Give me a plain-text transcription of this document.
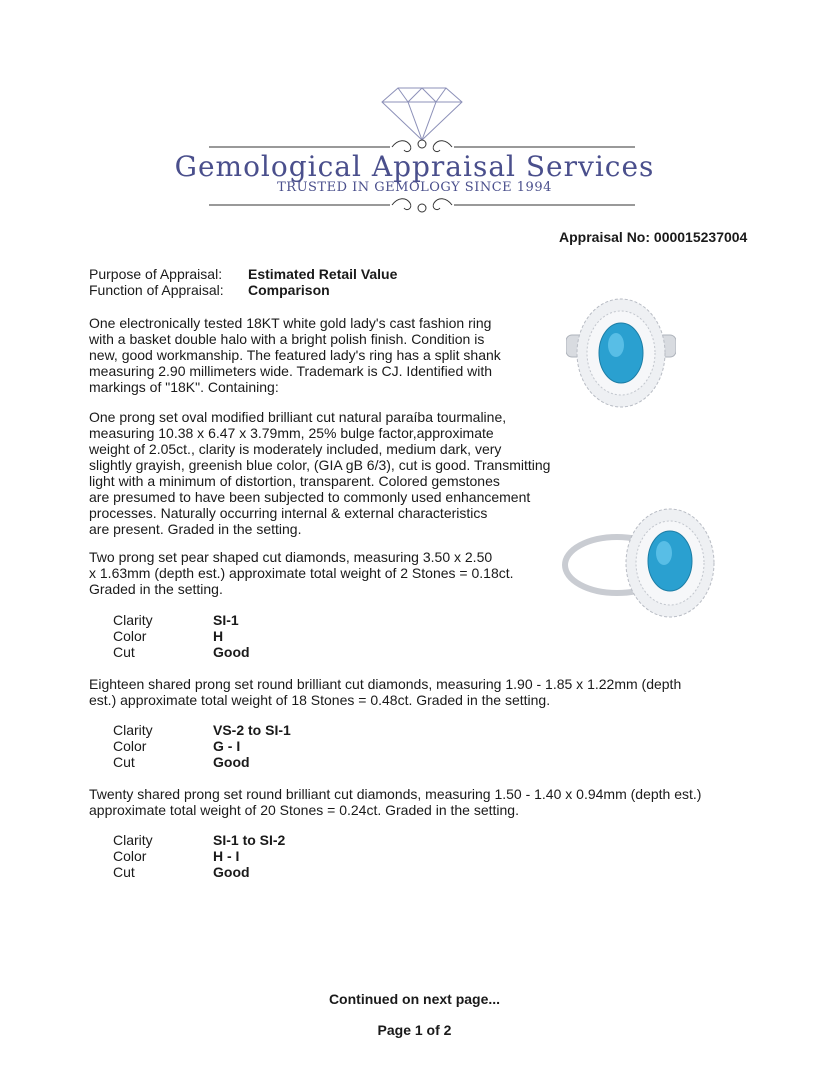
Gemological Appraisal Services
TRUSTED IN GEMOLOGY SINCE 1994
Appraisal No: 000015237004
Purpose of Appraisal: Estimated Retail Value
Function of Appraisal: Comparison
One electronically tested 18KT white gold lady's cast fashion ring
with a basket double halo with a bright polish finish. Condition is
new, good workmanship. The featured lady's ring has a split shank
measuring 2.90 millimeters wide. Trademark is CJ. Identified with
markings of "18K". Containing:
One prong set oval modified brilliant cut natural paraíba tourmaline,
measuring 10.38 x 6.47 x 3.79mm, 25% bulge factor,approximate
weight of 2.05ct., clarity is moderately included, medium dark, very
slightly grayish, greenish blue color, (GIA gB 6/3), cut is good. Transmitting
light with a minimum of distortion, transparent. Colored gemstones
are presumed to have been subjected to commonly used enhancement
processes. Naturally occurring internal & external characteristics
are present. Graded in the setting.
Two prong set pear shaped cut diamonds, measuring 3.50 x 2.50
x 1.63mm (depth est.) approximate total weight of 2 Stones = 0.18ct.
Graded in the setting.
Clarity	SI-1
Color	H
Cut	Good
Eighteen shared prong set round brilliant cut diamonds, measuring 1.90 - 1.85 x 1.22mm (depth
est.) approximate total weight of 18 Stones = 0.48ct. Graded in the setting.
Clarity	VS-2 to SI-1
Color	G - I
Cut	Good
Twenty shared prong set round brilliant cut diamonds, measuring 1.50 - 1.40 x 0.94mm (depth est.)
approximate total weight of 20 Stones = 0.24ct. Graded in the setting.
Clarity	SI-1 to SI-2
Color	H - I
Cut	Good
Continued on next page...
Page 1 of 2
